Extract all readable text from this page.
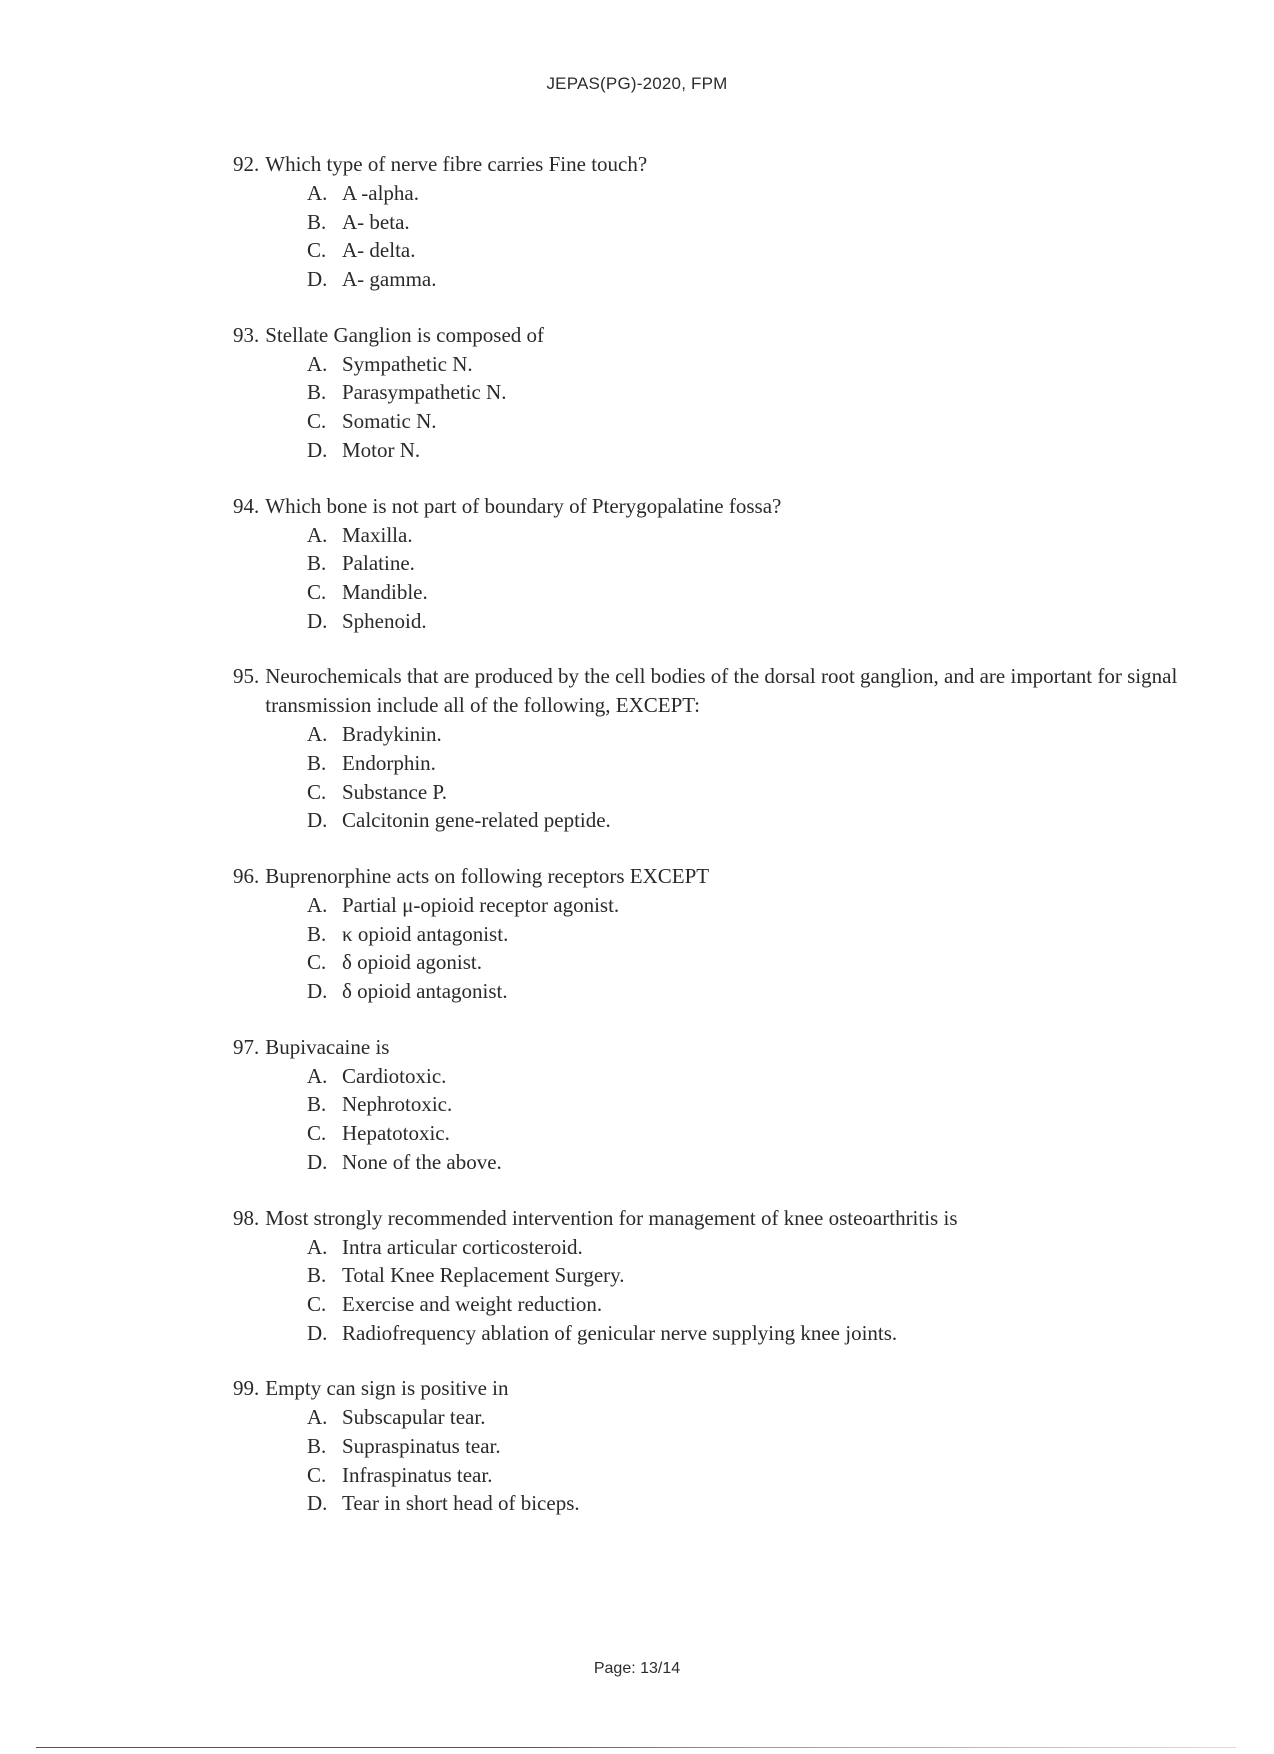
JEPAS(PG)-2020, FPM
92. Which type of nerve fibre carries Fine touch?
A. A -alpha.
B. A- beta.
C. A- delta.
D. A- gamma.
93. Stellate Ganglion is composed of
A. Sympathetic N.
B. Parasympathetic N.
C. Somatic N.
D. Motor N.
94. Which bone is not part of boundary of Pterygopalatine fossa?
A. Maxilla.
B. Palatine.
C. Mandible.
D. Sphenoid.
95. Neurochemicals that are produced by the cell bodies of the dorsal root ganglion, and are important for signal transmission include all of the following, EXCEPT:
A. Bradykinin.
B. Endorphin.
C. Substance P.
D. Calcitonin gene-related peptide.
96. Buprenorphine acts on following receptors EXCEPT
A. Partial μ-opioid receptor agonist.
B. κ opioid antagonist.
C. δ opioid agonist.
D. δ opioid antagonist.
97. Bupivacaine is
A. Cardiotoxic.
B. Nephrotoxic.
C. Hepatotoxic.
D. None of the above.
98. Most strongly recommended intervention for management of knee osteoarthritis is
A. Intra articular corticosteroid.
B. Total Knee Replacement Surgery.
C. Exercise and weight reduction.
D. Radiofrequency ablation of genicular nerve supplying knee joints.
99. Empty can sign is positive in
A. Subscapular tear.
B. Supraspinatus tear.
C. Infraspinatus tear.
D. Tear in short head of biceps.
Page: 13/14
